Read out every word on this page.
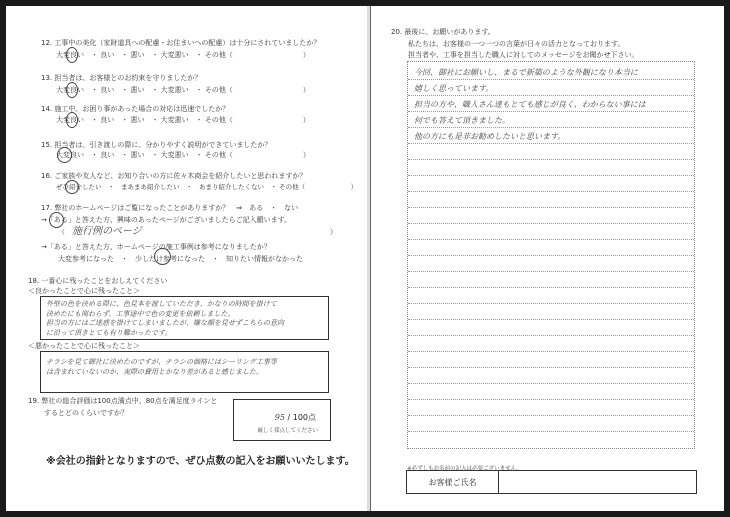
12. 工事中の美化（家財道具への配慮・お住まいへの配慮）は十分にされていましたか？
大変良い　・ 良い　・ 悪い　・ 大変悪い　・ その他（　　　　　　　　　　）
13. 担当者は、お客様とのお約束を守りましたか？
大変良い　・ 良い　・ 悪い　・ 大変悪い　・ その他（　　　　　　　　　　）
14. 施工中、お困り事があった場合の対応は迅速でしたか？
大変良い　・ 良い　・ 悪い　・ 大変悪い　・ その他（　　　　　　　　　　）
15. 担当者は、引き渡しの際に、分かりやすく説明ができていましたか？
大変良い　・ 良い　・ 悪い　・ 大変悪い　・ その他（　　　　　　　　　　）
16. ご家族や友人など、お知り合いの方に佐々木商会を紹介したいと思われますか？
ぜひ紹介したい　・　まあまあ紹介したい　・　あまり紹介したくない　・ その他（　　　　　　　）
17. 弊社のホームページはご覧になったことがありますか？　⇒　ある　・　ない
→「ある」と答えた方、興味のあったページがございましたらご記入願います。
（ 施行例のページ	）
→「ある」と答えた方、ホームページの施工事例は参考になりましたか？
大変参考になった　・　少しだけ参考になった　・　知りたい情報がなかった
18. 一番心に残ったことをおしえてください
＜良かったことで心に残ったこと＞
外壁の色を決める際に、色見本を渡していただき、かなりの時間を掛けて
決めたにも関わらず、工事途中で色の変更を依頼しました。
担当の方にはご迷惑を掛けてしまいましたが、嫌な顔を見せずこちらの意向
に沿って頂きとても有り難かったです。
＜悪かったことで心に残ったこと＞
チラシを見て御社に決めたのですが、チラシの価格にはシーリング工事等
は含まれていないのか、実際の費用とかなり差があると感じました。
19. 弊社の総合評価は100点満点中、80点を満足度ラインと
するとどのくらいですか？	95 / 100点
厳しく採点してください
※会社の指針となりますので、ぜひ点数の記入をお願いいたします。
20. 最後に、お願いがあります。
私たちは、お客様の一つ一つの言葉が日々の活力となっております。
担当者や、工事を担当した職人に対してのメッセージをお聞かせ下さい。
今回、御社にお願いし、まるで新築のような外観になり本当に
嬉しく思っています。
担当の方や、職人さん達もとても感じが良く、わからない事には
何でも答えて頂きました。
他の方にも是非お勧めしたいと思います。
※必ずしもお名前の記入は必要ございません。
お客様ご氏名
